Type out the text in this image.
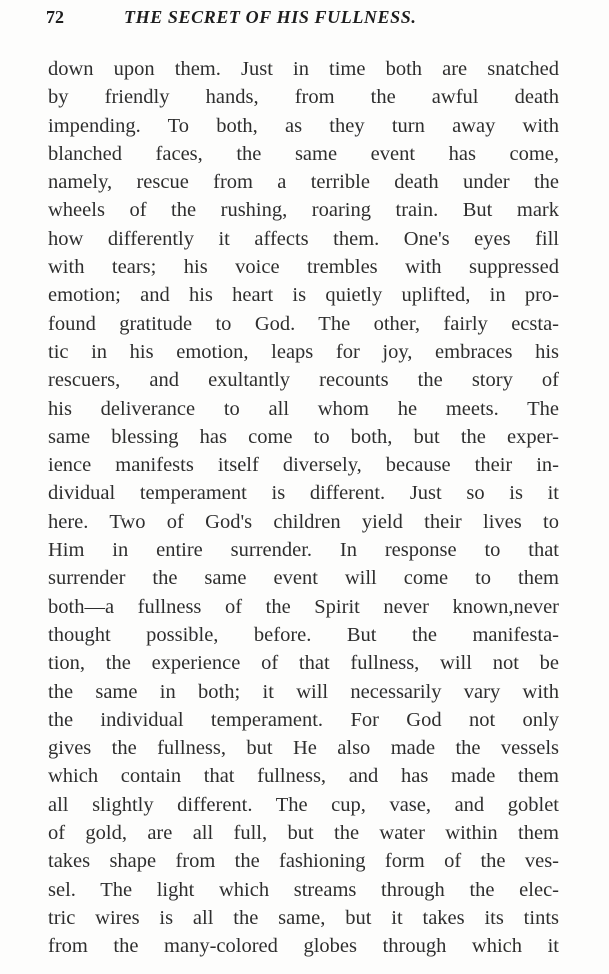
72	THE SECRET OF HIS FULLNESS.
down upon them. Just in time both are snatched
by friendly hands, from the awful death
impending. To both, as they turn away with
blanched faces, the same event has come,
namely, rescue from a terrible death under the
wheels of the rushing, roaring train. But mark
how differently it affects them. One's eyes fill
with tears; his voice trembles with suppressed
emotion; and his heart is quietly uplifted, in pro-
found gratitude to God. The other, fairly ecsta-
tic in his emotion, leaps for joy, embraces his
rescuers, and exultantly recounts the story of
his deliverance to all whom he meets. The
same blessing has come to both, but the exper-
ience manifests itself diversely, because their in-
dividual temperament is different. Just so is it
here. Two of God's children yield their lives to
Him in entire surrender. In response to that
surrender the same event will come to them
both—a fullness of the Spirit never known,never
thought possible, before. But the manifesta-
tion, the experience of that fullness, will not be
the same in both; it will necessarily vary with
the individual temperament. For God not only
gives the fullness, but He also made the vessels
which contain that fullness, and has made them
all slightly different. The cup, vase, and goblet
of gold, are all full, but the water within them
takes shape from the fashioning form of the ves-
sel. The light which streams through the elec-
tric wires is all the same, but it takes its tints
from the many-colored globes through which it
